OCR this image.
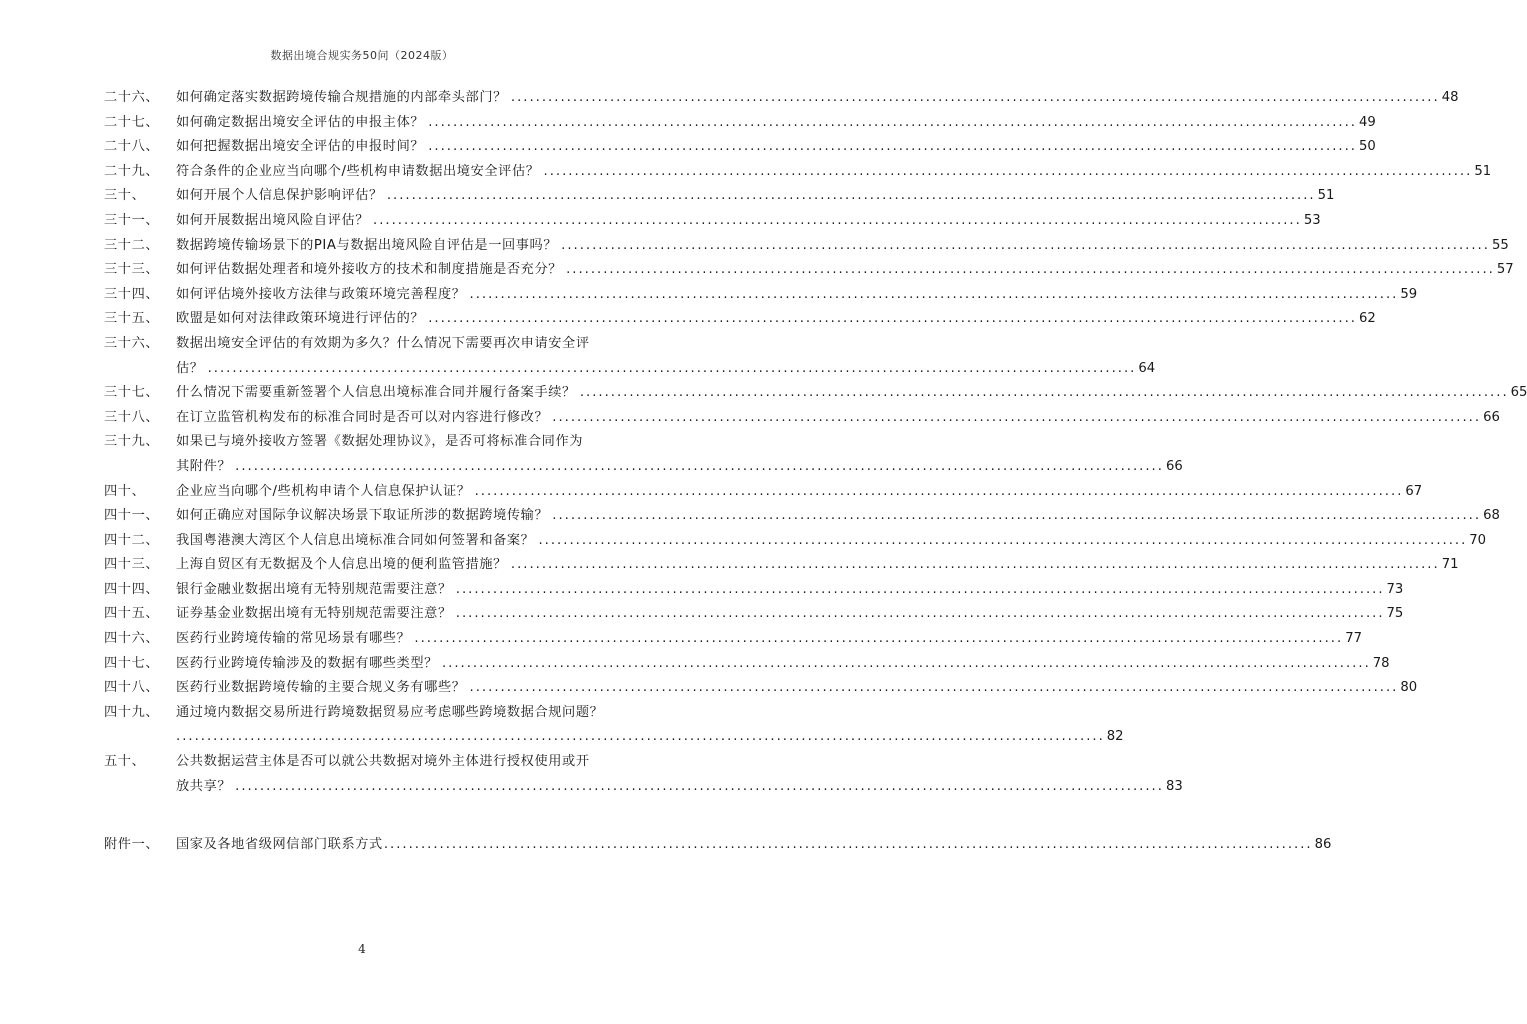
数据出境合规实务50问（2024版）
二十六、	如何确定落实数据跨境传输合规措施的内部牵头部门？ ...................................................................................................................................................... 48
二十七、	如何确定数据出境安全评估的申报主体？ ...................................................................................................................................................... 49
二十八、	如何把握数据出境安全评估的申报时间？ ...................................................................................................................................................... 50
二十九、	符合条件的企业应当向哪个/些机构申请数据出境安全评估？ ...................................................................................................................................................... 51
三十、	如何开展个人信息保护影响评估？ ...................................................................................................................................................... 51
三十一、	如何开展数据出境风险自评估？ ...................................................................................................................................................... 53
三十二、	数据跨境传输场景下的PIA与数据出境风险自评估是一回事吗？ ...................................................................................................................................................... 55
三十三、	如何评估数据处理者和境外接收方的技术和制度措施是否充分？ ...................................................................................................................................................... 57
三十四、	如何评估境外接收方法律与政策环境完善程度？ ...................................................................................................................................................... 59
三十五、	欧盟是如何对法律政策环境进行评估的？ ...................................................................................................................................................... 62
三十六、	数据出境安全评估的有效期为多久？什么情况下需要再次申请安全评
估？ ...................................................................................................................................................... 64
三十七、	什么情况下需要重新签署个人信息出境标准合同并履行备案手续？ ...................................................................................................................................................... 65
三十八、	在订立监管机构发布的标准合同时是否可以对内容进行修改？ ...................................................................................................................................................... 66
三十九、	如果已与境外接收方签署《数据处理协议》，是否可将标准合同作为
其附件？ ...................................................................................................................................................... 66
四十、	企业应当向哪个/些机构申请个人信息保护认证？ ...................................................................................................................................................... 67
四十一、	如何正确应对国际争议解决场景下取证所涉的数据跨境传输？ ...................................................................................................................................................... 68
四十二、	我国粤港澳大湾区个人信息出境标准合同如何签署和备案？ ...................................................................................................................................................... 70
四十三、	上海自贸区有无数据及个人信息出境的便利监管措施？ ...................................................................................................................................................... 71
四十四、	银行金融业数据出境有无特别规范需要注意？ ...................................................................................................................................................... 73
四十五、	证券基金业数据出境有无特别规范需要注意？ ...................................................................................................................................................... 75
四十六、	医药行业跨境传输的常见场景有哪些？ ...................................................................................................................................................... 77
四十七、	医药行业跨境传输涉及的数据有哪些类型？ ...................................................................................................................................................... 78
四十八、	医药行业数据跨境传输的主要合规义务有哪些？ ...................................................................................................................................................... 80
四十九、	通过境内数据交易所进行跨境数据贸易应考虑哪些跨境数据合规问题？
...................................................................................................................................................... 82
五十、	公共数据运营主体是否可以就公共数据对境外主体进行授权使用或开
放共享？ ...................................................................................................................................................... 83
附件一、	国家及各地省级网信部门联系方式 ...................................................................................................................................................... 86
4
